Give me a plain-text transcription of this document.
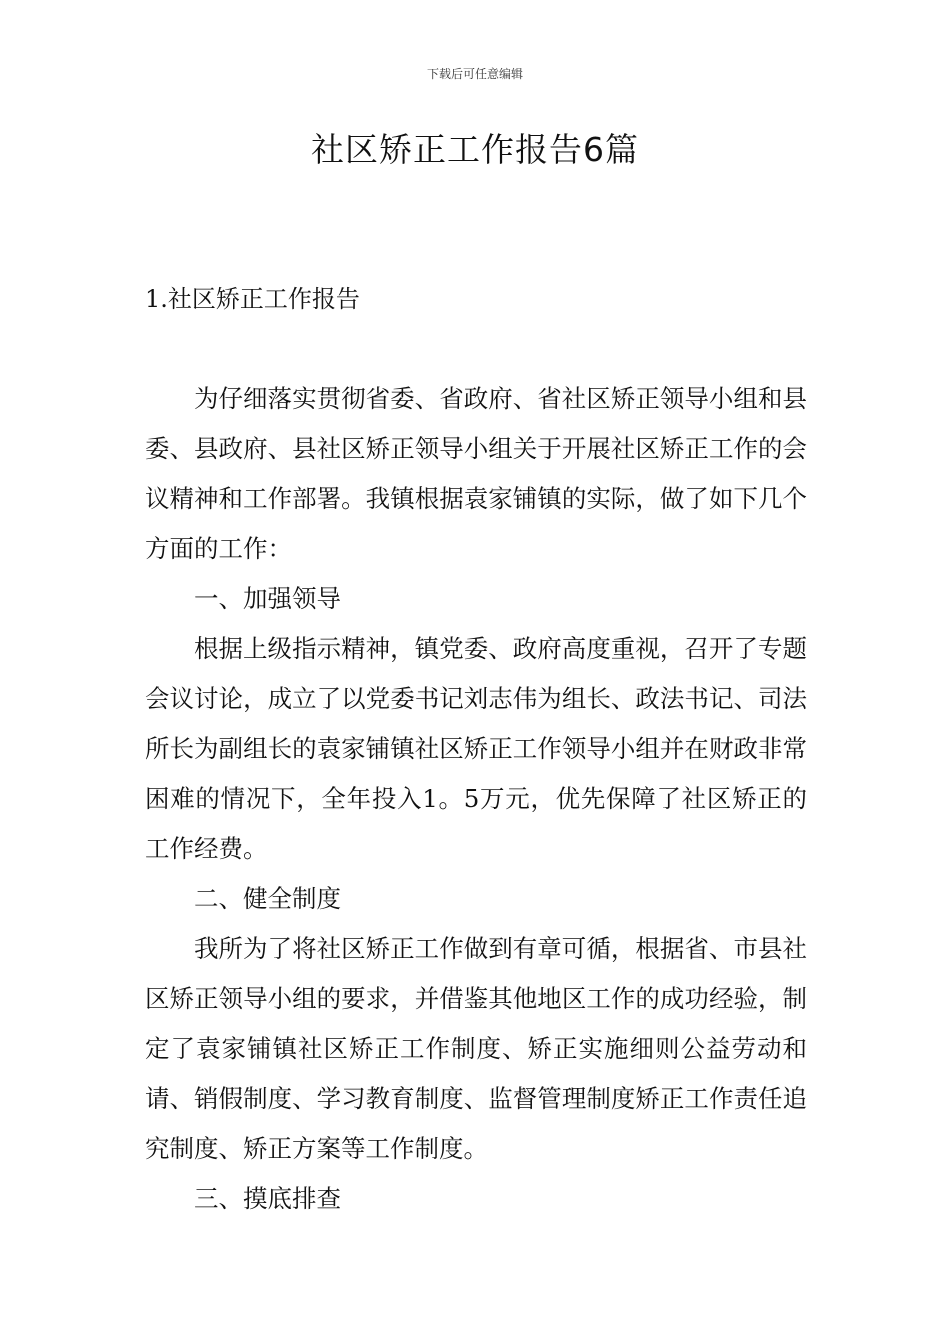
下载后可任意编辑
社区矫正工作报告6篇
1.社区矫正工作报告

为仔细落实贯彻省委、省政府、省社区矫正领导小组和县委、县政府、县社区矫正领导小组关于开展社区矫正工作的会议精神和工作部署。我镇根据袁家铺镇的实际，做了如下几个方面的工作：

一、加强领导

根据上级指示精神，镇党委、政府高度重视，召开了专题会议讨论，成立了以党委书记刘志伟为组长、政法书记、司法所长为副组长的袁家铺镇社区矫正工作领导小组并在财政非常困难的情况下，全年投入1。5万元，优先保障了社区矫正的工作经费。

二、健全制度

我所为了将社区矫正工作做到有章可循，根据省、市县社区矫正领导小组的要求，并借鉴其他地区工作的成功经验，制定了袁家铺镇社区矫正工作制度、矫正实施细则公益劳动和请、销假制度、学习教育制度、监督管理制度矫正工作责任追究制度、矫正方案等工作制度。

三、摸底排查
